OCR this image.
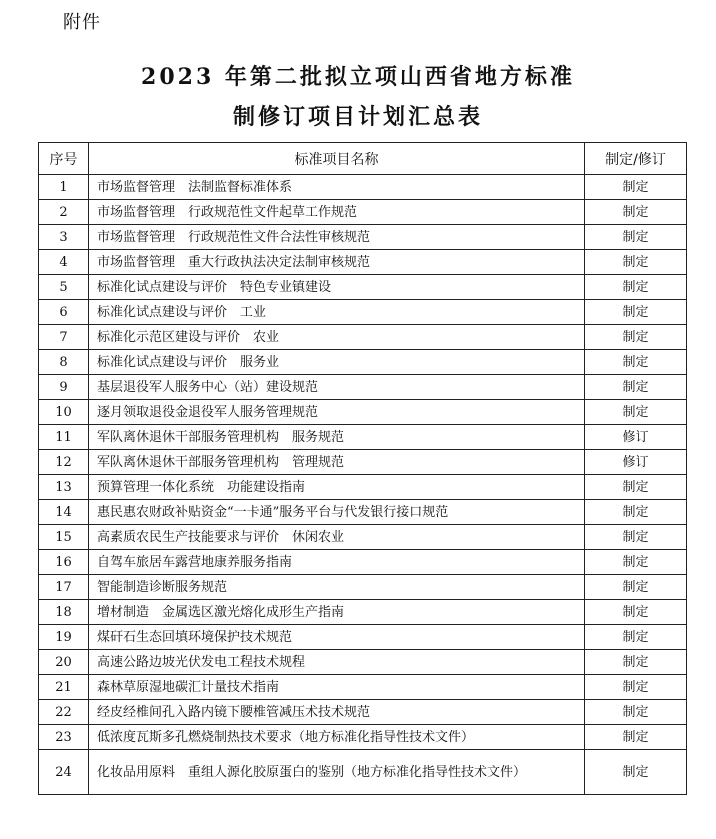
附件
2023 年第二批拟立项山西省地方标准
制修订项目计划汇总表
序号	标准项目名称	制定/修订
1	市场监督管理　法制监督标准体系	制定
2	市场监督管理　行政规范性文件起草工作规范	制定
3	市场监督管理　行政规范性文件合法性审核规范	制定
4	市场监督管理　重大行政执法决定法制审核规范	制定
5	标准化试点建设与评价　特色专业镇建设	制定
6	标准化试点建设与评价　工业	制定
7	标准化示范区建设与评价　农业	制定
8	标准化试点建设与评价　服务业	制定
9	基层退役军人服务中心（站）建设规范	制定
10	逐月领取退役金退役军人服务管理规范	制定
11	军队离休退休干部服务管理机构　服务规范	修订
12	军队离休退休干部服务管理机构　管理规范	修订
13	预算管理一体化系统　功能建设指南	制定
14	惠民惠农财政补贴资金“一卡通”服务平台与代发银行接口规范	制定
15	高素质农民生产技能要求与评价　休闲农业	制定
16	自驾车旅居车露营地康养服务指南	制定
17	智能制造诊断服务规范	制定
18	增材制造　金属选区激光熔化成形生产指南	制定
19	煤矸石生态回填环境保护技术规范	制定
20	高速公路边坡光伏发电工程技术规程	制定
21	森林草原湿地碳汇计量技术指南	制定
22	经皮经椎间孔入路内镜下腰椎管减压术技术规范	制定
23	低浓度瓦斯多孔燃烧制热技术要求（地方标准化指导性技术文件）	制定
24	化妆品用原料　重组人源化胶原蛋白的鉴别（地方标准化指导性技术文件）	制定
